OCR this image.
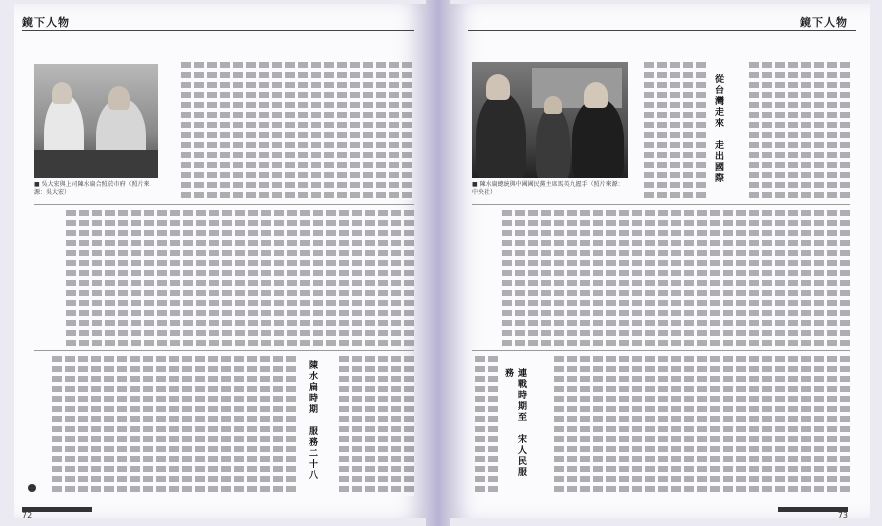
鏡下人物
■ 吳大宏與上司陳水扁合照於市府（照片來源：吳大宏）
陳水扁時期　服務二十八
72
鏡下人物
■ 陳水扁總統與中國國民黨主席馬英九握手（照片來源：中央社）
從台灣走來　走出國際
連戰時期至　宋人民服務
73
